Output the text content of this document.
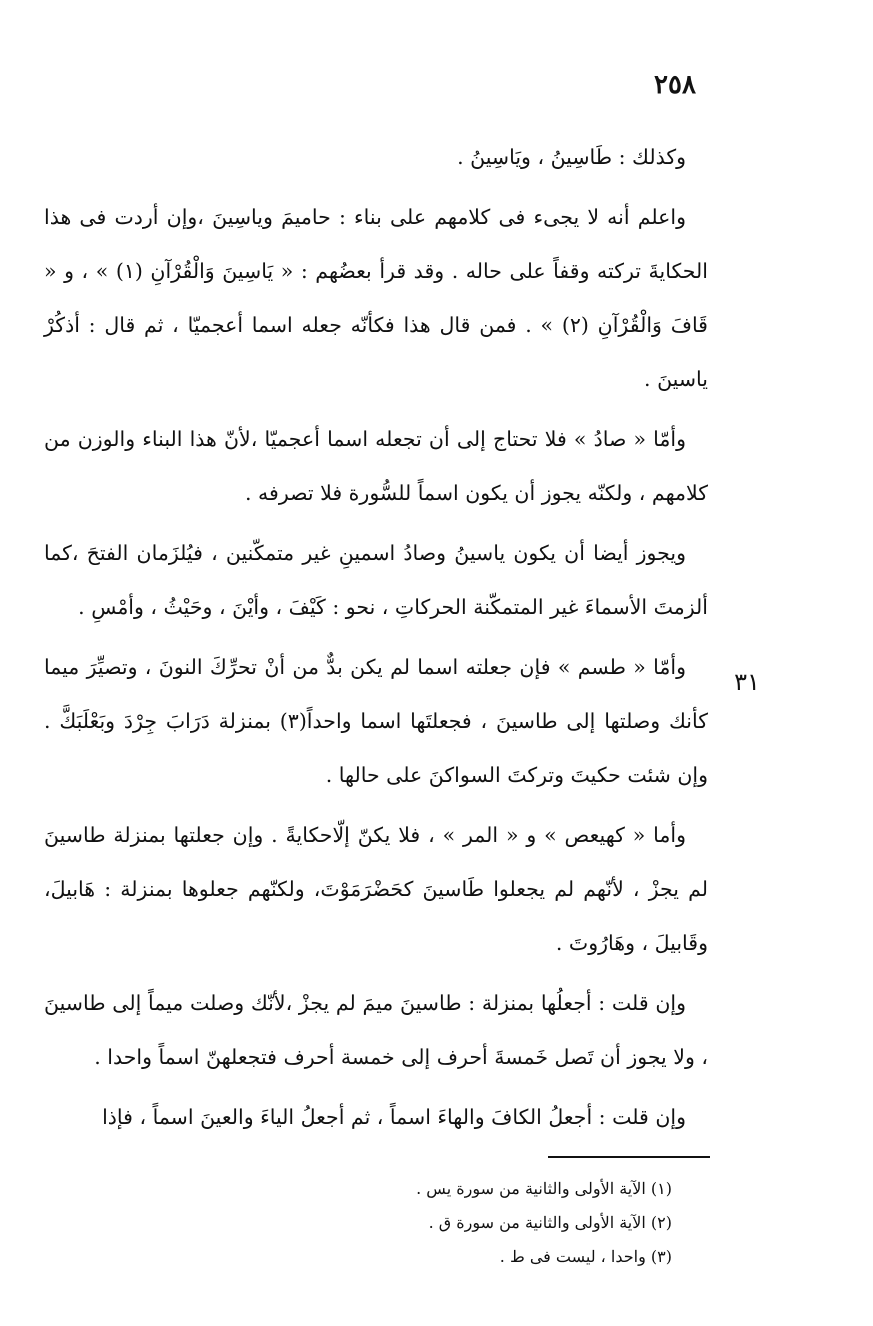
٢٥٨
٣١

وكذلك : طَاسِينُ ، ويَاسِينُ .

واعلم أنه لا يجىء فى كلامهم على بناء : حاميمَ وياسِينَ ،وإن أردت فى هذا الحكايةَ تركته وقفاً على حاله . وقد قرأ بعضُهم : « يَاسِينَ وَالْقُرْآنِ (١) » ، و « قَافَ وَالْقُرْآنِ (٢) » . فمن قال هذا فكأنّه جعله اسما أعجميّا ، ثم قال : أذكُرْ ياسينَ .

وأمّا « صادُ » فلا تحتاج إلى أن تجعله اسما أعجميّا ،لأنّ هذا البناء والوزن من كلامهم ، ولكنّه يجوز أن يكون اسماً للسُّورة فلا تصرفه .

ويجوز أيضا أن يكون ياسينُ وصادُ اسمينِ غير متمكّنين ، فيُلزَمان الفتحَ ،كما ألزمتَ الأسماءَ غير المتمكّنة الحركاتِ ، نحو : كَيْفَ ، وأيْنَ ، وحَيْثُ ، وأمْسِ .

وأمّا « طسم » فإن جعلته اسما لم يكن بدٌّ من أنْ تحرِّكَ النونَ ، وتصيِّرَ ميما كأنك وصلتها إلى طاسينَ ، فجعلتَها اسما واحداً(٣) بمنزلة دَرَابَ جِرْدَ وبَعْلَبَكَّ . وإن شئت حكيتَ وتركتَ السواكنَ على حالها .

وأما « كهيعص » و « المر » ، فلا يكنّ إلّاحكايةً . وإن جعلتها بمنزلة طاسينَ لم يجزْ ، لأنّهم لم يجعلوا طَاسينَ كحَضْرَمَوْتَ، ولكنّهم جعلوها بمنزلة : هَابيلَ، وقَابيلَ ، وهَارُوتَ .

وإن قلت : أجعلُها بمنزلة : طاسينَ ميمَ لم يجزْ ،لأنّك وصلت ميماً إلى طاسينَ ، ولا يجوز أن تَصل خَمسةَ أحرف إلى خمسة أحرف فتجعلهنّ اسماً واحدا .

وإن قلت : أجعلُ الكافَ والهاءَ اسماً ، ثم أجعلُ الياءَ والعينَ اسماً ، فإذا

(١) الآية الأولى والثانية من سورة يس .

(٢) الآية الأولى والثانية من سورة ق .

(٣) واحدا ، ليست فى ط .
